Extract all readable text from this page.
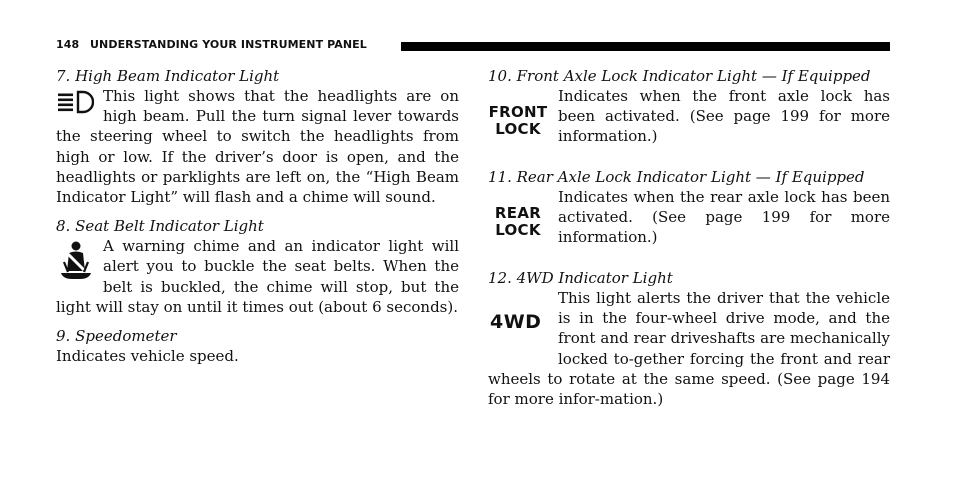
148 UNDERSTANDING YOUR INSTRUMENT PANEL
7. High Beam Indicator Light

This light shows that the headlights are on high beam. Pull the turn signal lever towards the steering wheel to switch the headlights from high or low. If the driver’s door is open, and the headlights or parklights are left on, the “High Beam Indicator Light” will flash and a chime will sound.

8. Seat Belt Indicator Light

A warning chime and an indicator light will alert you to buckle the seat belts. When the belt is buckled, the chime will stop, but the light will stay on until it times out (about 6 seconds).

9. Speedometer

Indicates vehicle speed.

10. Front Axle Lock Indicator Light — If Equipped
FRONT
LOCK

Indicates when the front axle lock has been activated. (See page 199 for more information.)

11. Rear Axle Lock Indicator Light — If Equipped
REAR
LOCK

Indicates when the rear axle lock has been activated. (See page 199 for more information.)

12. 4WD Indicator Light
4WD

This light alerts the driver that the vehicle is in the four-wheel drive mode, and the front and rear driveshafts are mechanically locked to-gether forcing the front and rear wheels to rotate at the same speed. (See page 194 for more infor-mation.)
